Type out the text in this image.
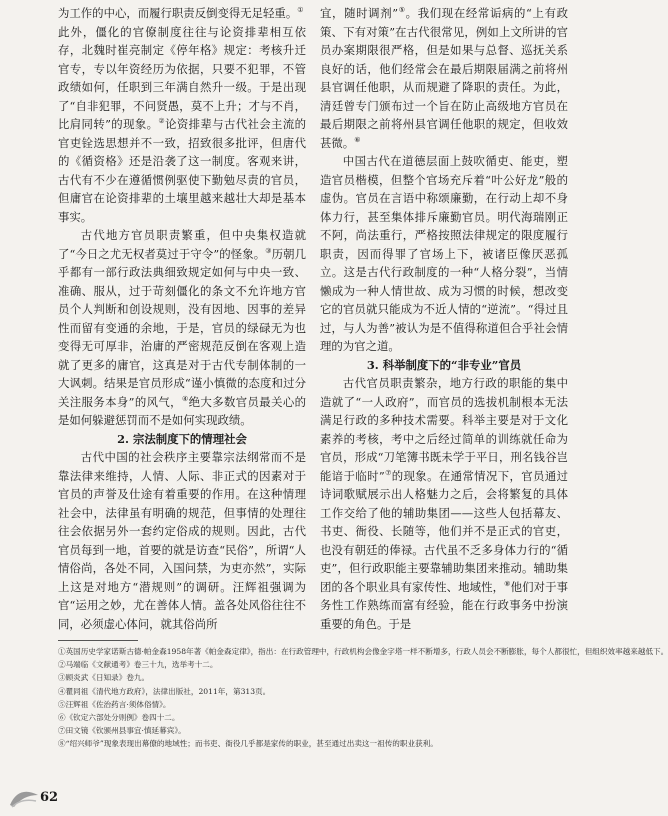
为工作的中心，而履行职责反倒变得无足轻重。①

此外，僵化的官僚制度往往与论资排辈相互依存，北魏时崔亮制定《停年格》规定：考核升迁官专，专以年资经历为依据，只要不犯罪，不管政绩如何，任职到三年满自然升一级。于是出现了“自非犯罪，不问贤愚，莫不上升；才与不肖，比肩同转”的现象。②论资排辈与古代社会主流的官吏铨选思想并不一致，招致很多批评，但唐代的《循资格》还是沿袭了这一制度。客观来讲，古代有不少在遵循惯例驱使下勤勉尽责的官员，但庸官在论资排辈的土壤里越来越壮大却是基本事实。

古代地方官员职责繁重，但中央集权造就了“今日之尤无权者莫过于守令”的怪象。③历朝几乎都有一部行政法典细致规定如何与中央一致、准确、服从，过于苛刻僵化的条文不允许地方官员个人判断和创设规则，没有因地、因事的差异性而留有变通的余地，于是，官员的绿碌无为也变得无可厚非，治庸的严密规范反倒在客观上造就了更多的庸官，这真是对于古代专制体制的一大讽刺。结果是官员形成“谨小慎微的态度和过分关注服务本身”的风气，④绝大多数官员最关心的是如何躲避惩罚而不是如何实现政绩。

2. 宗法制度下的情理社会

古代中国的社会秩序主要靠宗法纲常而不是靠法律来维持，人情、人际、非正式的因素对于官员的声誉及仕途有着重要的作用。在这种情理社会中，法律虽有明确的规范，但事情的处理往往会依据另外一套约定俗成的规则。因此，古代官员每到一地，首要的就是访查“民俗”，所谓“人情俗尚，各处不同，入国问禁，为吏亦然”，实际上这是对地方“潜规则”的调研。汪辉祖强调为官“运用之妙，尤在善体人情。盖各处风俗往往不同，必须虚心体问，就其俗尚所

宜，随时调剂”⑤。我们现在经常诟病的“上有政策、下有对策”在古代很常见，例如上文所讲的官员办案期限很严格，但是如果与总督、巡抚关系良好的话，他们经常会在最后期限届满之前将州县官调任他职，从而规避了降职的责任。为此，清廷曾专门颁布过一个旨在防止高级地方官员在最后期限之前将州县官调任他职的规定，但收效甚微。⑥

中国古代在道德层面上鼓吹循吏、能吏，塑造官员楷模，但整个官场充斥着“叶公好龙”般的虚伪。官员在言语中称颂廉勤，在行动上却不身体力行，甚至集体排斥廉勤官员。明代海瑞刚正不阿，尚法重行，严格按照法律规定的限度履行职责，因而得罪了官场上下，被诸臣像厌恶孤立。这是古代行政制度的一种“人格分裂”，当情懒成为一种人情世故、成为习惯的时候，想改变它的官员就只能成为不近人情的“逆流”。“得过且过，与人为善”被认为是不值得称道但合乎社会情理的为官之道。

3. 科举制度下的“非专业”官员

古代官员职责繁杂，地方行政的职能的集中造就了“一人政府”，而官员的选拔机制根本无法满足行政的多种技术需要。科举主要是对于文化素养的考核，考中之后经过简单的训练就任命为官员，形成“刀笔簿书既未学于平日，刑名钱谷岂能谙于临时”⑦的现象。在通常情况下，官员通过诗词歌赋展示出人格魅力之后，会将繁复的具体工作交给了他的辅助集团——这些人包括幕友、书吏、衙役、长随等，他们并不是正式的官吏，也没有朝廷的俸禄。古代虽不乏多身体力行的“循吏”，但行政职能主要靠辅助集团来推动。辅助集团的各个职业具有家传性、地域性，⑧他们对于事务性工作熟练而富有经验，能在行政事务中扮演重要的角色。于是

①英国历史学家诺斯古德·帕金森1958年著《帕金森定律》，指出：在行政管理中，行政机构会像金字塔一样不断增多，行政人员会不断膨胀，每个人都很忙，但组织效率越来越低下。
②马端临《文献通考》卷三十九，选举考十二。
③顾炎武《日知录》卷九。
④瞿同祖《清代地方政府》，法律出版社，2011年，第313页。
⑤汪辉祖《佐治药言·须体俗情》。
⑥《钦定六部处分则例》卷四十二。
⑦田文镜《钦颁州县事宜·慎延幕宾》。
⑧“绍兴师爷”现象表现出幕僚的地域性；而书吏、衙役几乎都是家传的职业，甚至通过出卖这一祖传的职业获利。
62
